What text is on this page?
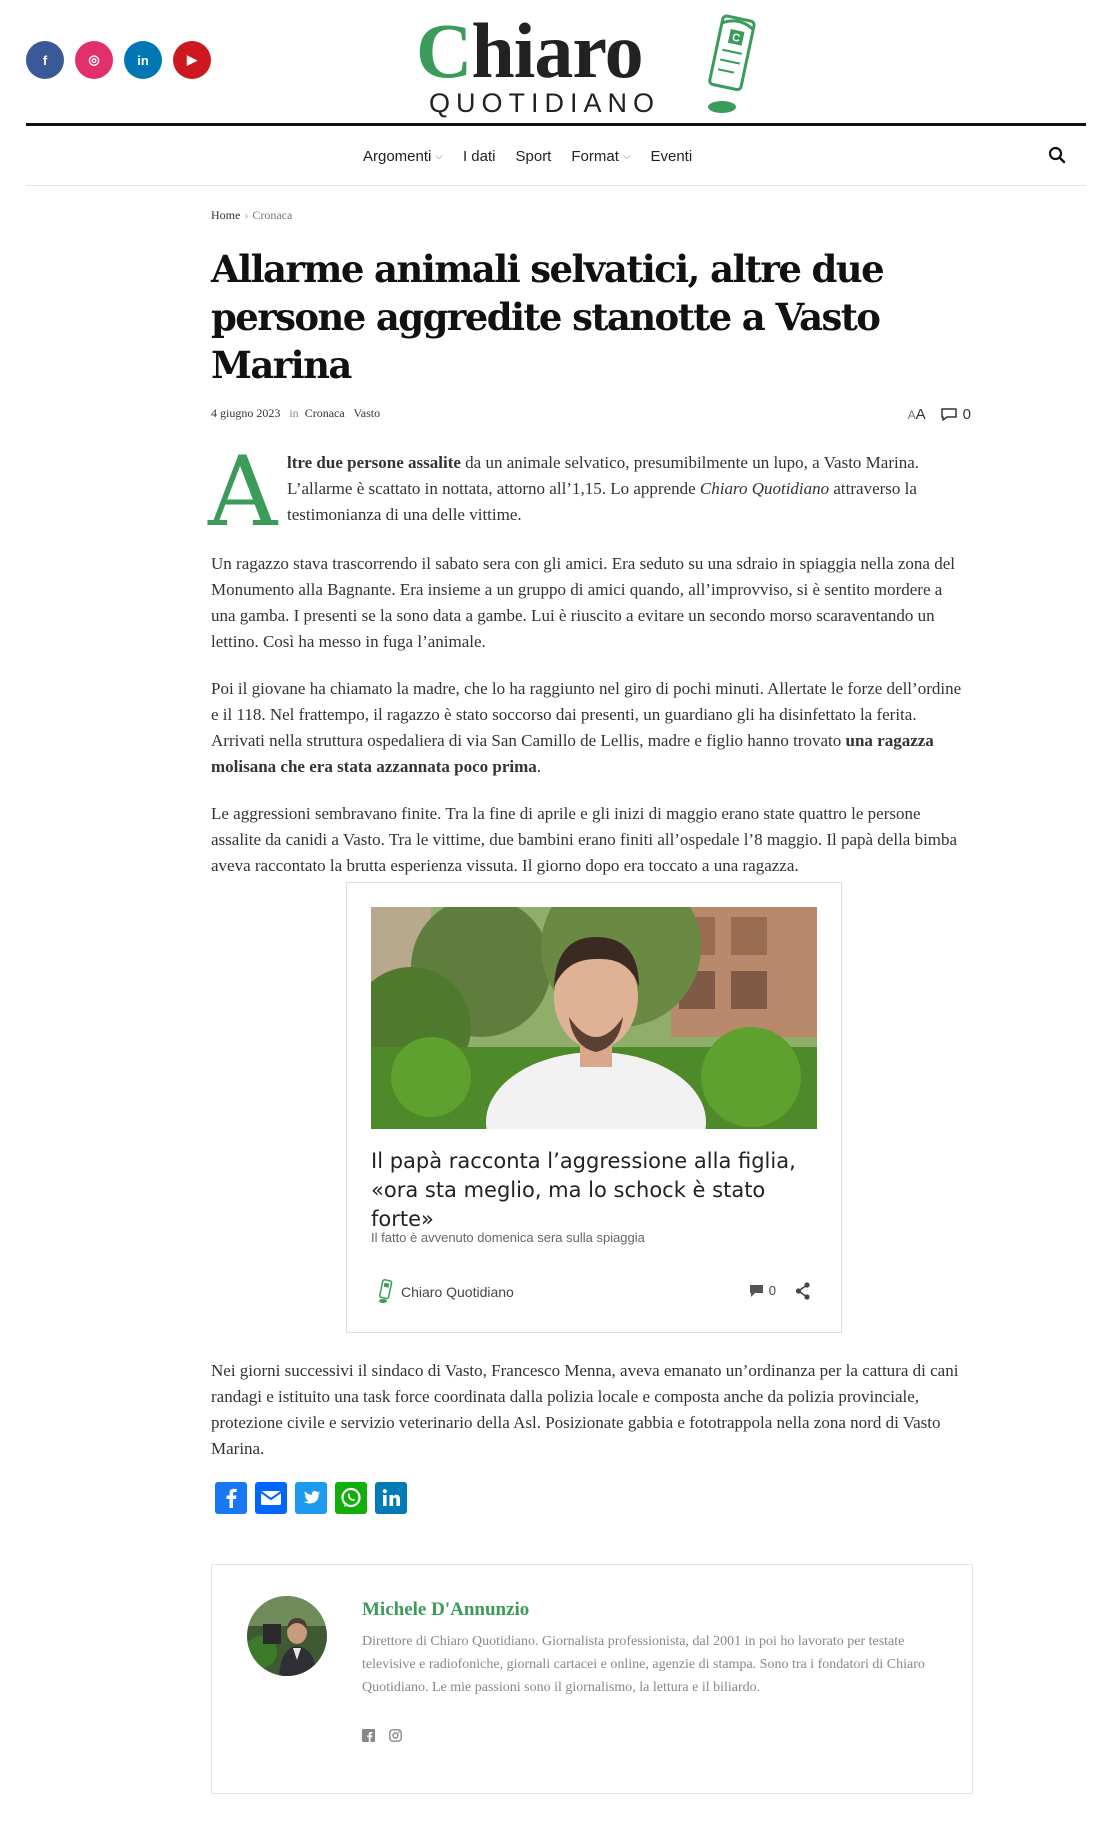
f	◎	in	▶	Chiaro
QUOTIDIANO
C
Argomenti ⌵ I dati Sport Format ⌵ Eventi
Home › Cronaca
Allarme animali selvatici, altre due persone aggredite stanotte a Vasto Marina
4 giugno 2023 in Cronaca Vasto	AA 0
A ltre due persone assalite da un animale selvatico, presumibilmente un lupo, a Vasto Marina. L’allarme è scattato in nottata, attorno all’1,15. Lo apprende Chiaro Quotidiano attraverso la testimonianza di una delle vittime.

Un ragazzo stava trascorrendo il sabato sera con gli amici. Era seduto su una sdraio in spiaggia nella zona del Monumento alla Bagnante. Era insieme a un gruppo di amici quando, all’improvviso, si è sentito mordere a una gamba. I presenti se la sono data a gambe. Lui è riuscito a evitare un secondo morso scaraventando un lettino. Così ha messo in fuga l’animale.

Poi il giovane ha chiamato la madre, che lo ha raggiunto nel giro di pochi minuti. Allertate le forze dell’ordine e il 118. Nel frattempo, il ragazzo è stato soccorso dai presenti, un guardiano gli ha disinfettato la ferita. Arrivati nella struttura ospedaliera di via San Camillo de Lellis, madre e figlio hanno trovato una ragazza molisana che era stata azzannata poco prima.

Le aggressioni sembravano finite. Tra la fine di aprile e gli inizi di maggio erano state quattro le persone assalite da canidi a Vasto. Tra le vittime, due bambini erano finiti all’ospedale l’8 maggio. Il papà della bimba aveva raccontato la brutta esperienza vissuta. Il giorno dopo era toccato a una ragazza.

Il papà racconta l’aggressione alla figlia, «ora sta meglio, ma lo schock è stato forte»
Il fatto è avvenuto domenica sera sulla spiaggia
Chiaro Quotidiano	0

Nei giorni successivi il sindaco di Vasto, Francesco Menna, aveva emanato un’ordinanza per la cattura di cani randagi e istituito una task force coordinata dalla polizia locale e composta anche da polizia provinciale, protezione civile e servizio veterinario della Asl. Posizionate gabbia e fototrappola nella zona nord di Vasto Marina.

Michele D'Annunzio

Direttore di Chiaro Quotidiano. Giornalista professionista, dal 2001 in poi ho lavorato per testate televisive e radiofoniche, giornali cartacei e online, agenzie di stampa. Sono tra i fondatori di Chiaro Quotidiano. Le mie passioni sono il giornalismo, la lettura e il biliardo.
